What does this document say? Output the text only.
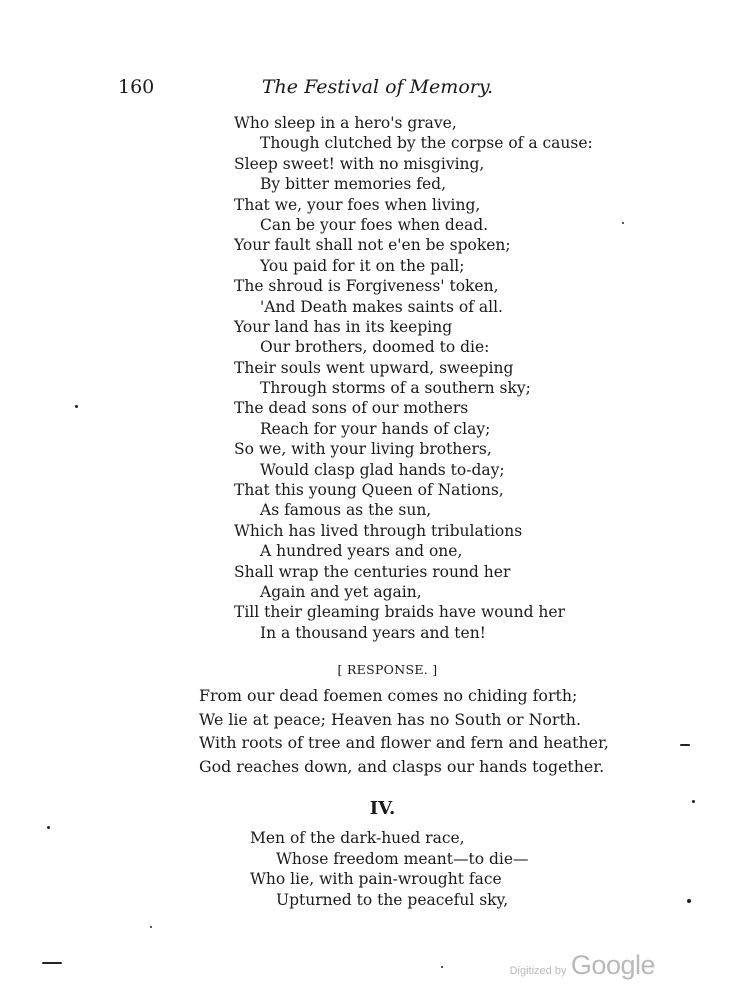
160	The Festival of Memory.
Who sleep in a hero's grave,
Though clutched by the corpse of a cause:
Sleep sweet! with no misgiving,
By bitter memories fed,
That we, your foes when living,
Can be your foes when dead.
Your fault shall not e'en be spoken;
You paid for it on the pall;
The shroud is Forgiveness' token,
'And Death makes saints of all.
Your land has in its keeping
Our brothers, doomed to die:
Their souls went upward, sweeping
Through storms of a southern sky;
The dead sons of our mothers
Reach for your hands of clay;
So we, with your living brothers,
Would clasp glad hands to-day;
That this young Queen of Nations,
As famous as the sun,
Which has lived through tribulations
A hundred years and one,
Shall wrap the centuries round her
Again and yet again,
Till their gleaming braids have wound her
In a thousand years and ten!
[ RESPONSE. ]
From our dead foemen comes no chiding forth;
We lie at peace; Heaven has no South or North.
With roots of tree and flower and fern and heather,
God reaches down, and clasps our hands together.
IV.
Men of the dark-hued race,
Whose freedom meant—to die—
Who lie, with pain-wrought face
Upturned to the peaceful sky,
Digitized by Google
